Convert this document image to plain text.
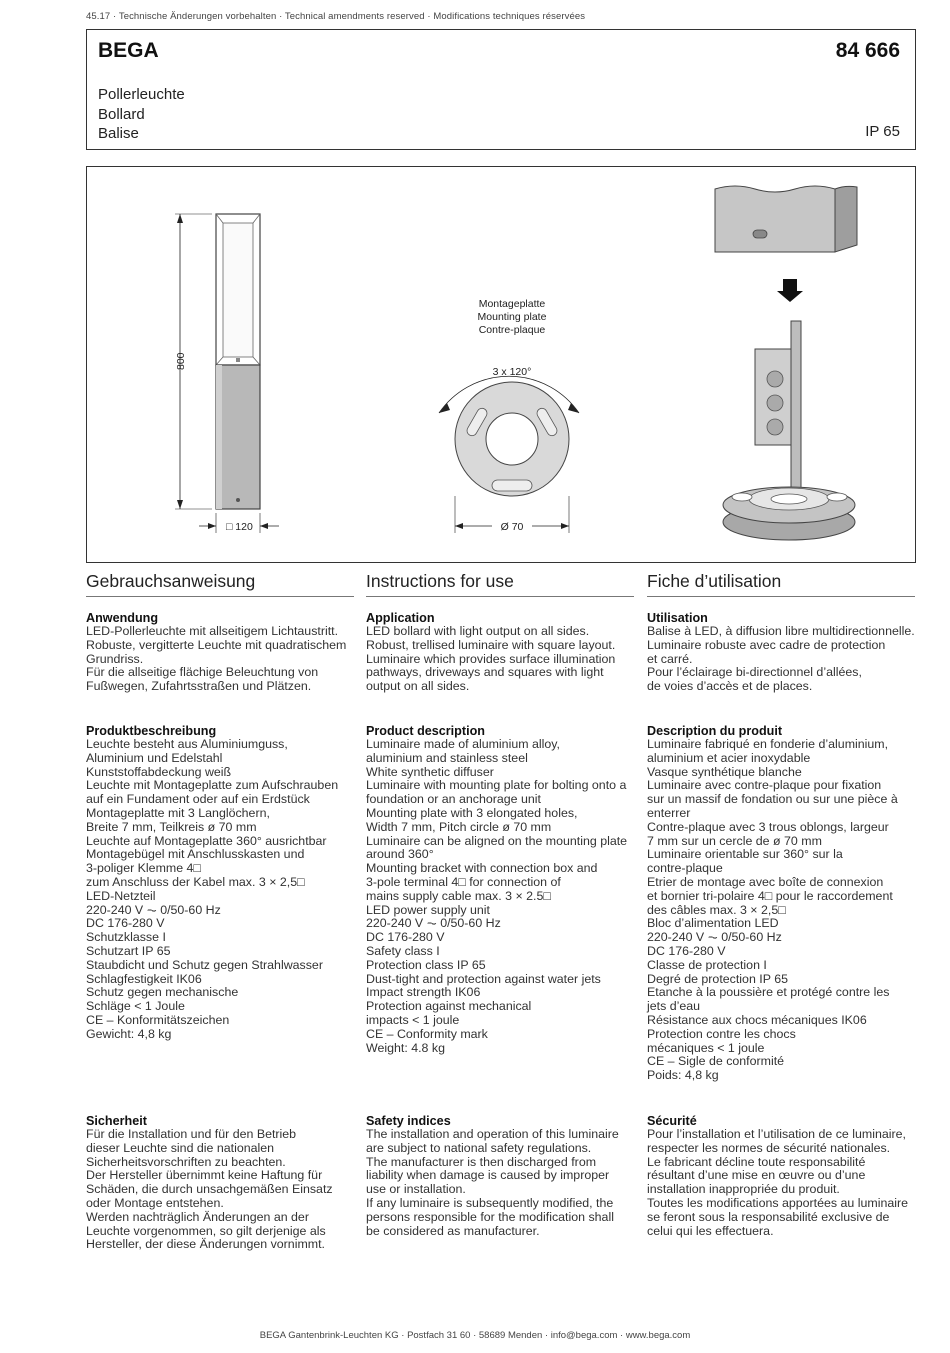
45.17 · Technische Änderungen vorbehalten · Technical amendments reserved · Modifications techniques réservées
BEGA	84 666
Pollerleuchte
Bollard
Balise	IP 65
800
□ 120
Montageplatte
Mounting plate
Contre-plaque
3 x 120°
Ø 70
Gebrauchsanweisung
Anwendung
LED-Pollerleuchte mit allseitigem Lichtaustritt.
Robuste, vergitterte Leuchte mit quadratischem
Grundriss.
Für die allseitige flächige Beleuchtung von
Fußwegen, Zufahrtsstraßen und Plätzen.
Produktbeschreibung
Leuchte besteht aus Aluminiumguss,
Aluminium und Edelstahl
Kunststoffabdeckung weiß
Leuchte mit Montageplatte zum Aufschrauben
auf ein Fundament oder auf ein Erdstück
Montageplatte mit 3 Langlöchern,
Breite 7 mm, Teilkreis ø 70 mm
Leuchte auf Montageplatte 360° ausrichtbar
Montagebügel mit Anschlusskasten und
3-poliger Klemme 4□
zum Anschluss der Kabel max. 3 × 2,5□
LED-Netzteil
220-240 V ⏦ 0/50-60 Hz
DC 176-280 V
Schutzklasse I
Schutzart IP 65
Staubdicht und Schutz gegen Strahlwasser
Schlagfestigkeit IK06
Schutz gegen mechanische
Schläge < 1 Joule
CE – Konformitätszeichen
Gewicht: 4,8 kg
Sicherheit
Für die Installation und für den Betrieb
dieser Leuchte sind die nationalen
Sicherheitsvorschriften zu beachten.
Der Hersteller übernimmt keine Haftung für
Schäden, die durch unsachgemäßen Einsatz
oder Montage entstehen.
Werden nachträglich Änderungen an der
Leuchte vorgenommen, so gilt derjenige als
Hersteller, der diese Änderungen vornimmt.
Instructions for use
Application
LED bollard with light output on all sides.
Robust, trellised luminaire with square layout.
Luminaire which provides surface illumination
pathways, driveways and squares with light
output on all sides.
Product description
Luminaire made of aluminium alloy,
aluminium and stainless steel
White synthetic diffuser
Luminaire with mounting plate for bolting onto a
foundation or an anchorage unit
Mounting plate with 3 elongated holes,
Width 7 mm, Pitch circle ø 70 mm
Luminaire can be aligned on the mounting plate
around 360°
Mounting bracket with connection box and
3-pole terminal 4□ for connection of
mains supply cable max. 3 × 2.5□
LED power supply unit
220-240 V ⏦ 0/50-60 Hz
DC 176-280 V
Safety class I
Protection class IP 65
Dust-tight and protection against water jets
Impact strength IK06
Protection against mechanical
impacts < 1 joule
CE – Conformity mark
Weight: 4.8 kg
Safety indices
The installation and operation of this luminaire
are subject to national safety regulations.
The manufacturer is then discharged from
liability when damage is caused by improper
use or installation.
If any luminaire is subsequently modified, the
persons responsible for the modification shall
be considered as manufacturer.
Fiche d’utilisation
Utilisation
Balise à LED, à diffusion libre multidirectionnelle.
Luminaire robuste avec cadre de protection
et carré.
Pour l’éclairage bi-directionnel d’allées,
de voies d’accès et de places.
Description du produit
Luminaire fabriqué en fonderie d’aluminium,
aluminium et acier inoxydable
Vasque synthétique blanche
Luminaire avec contre-plaque pour fixation
sur un massif de fondation ou sur une pièce à
enterrer
Contre-plaque avec 3 trous oblongs, largeur
7 mm sur un cercle de ø 70 mm
Luminaire orientable sur 360° sur la
contre-plaque
Etrier de montage avec boîte de connexion
et bornier tri-polaire 4□ pour le raccordement
des câbles max. 3 × 2,5□
Bloc d’alimentation LED
220-240 V ⏦ 0/50-60 Hz
DC 176-280 V
Classe de protection I
Degré de protection IP 65
Etanche à la poussière et protégé contre les
jets d’eau
Résistance aux chocs mécaniques IK06
Protection contre les chocs
mécaniques < 1 joule
CE – Sigle de conformité
Poids: 4,8 kg
Sécurité
Pour l’installation et l’utilisation de ce luminaire,
respecter les normes de sécurité nationales.
Le fabricant décline toute responsabilité
résultant d’une mise en œuvre ou d’une
installation inappropriée du produit.
Toutes les modifications apportées au luminaire
se feront sous la responsabilité exclusive de
celui qui les effectuera.
BEGA Gantenbrink-Leuchten KG · Postfach 31 60 · 58689 Menden · info@bega.com · www.bega.com
